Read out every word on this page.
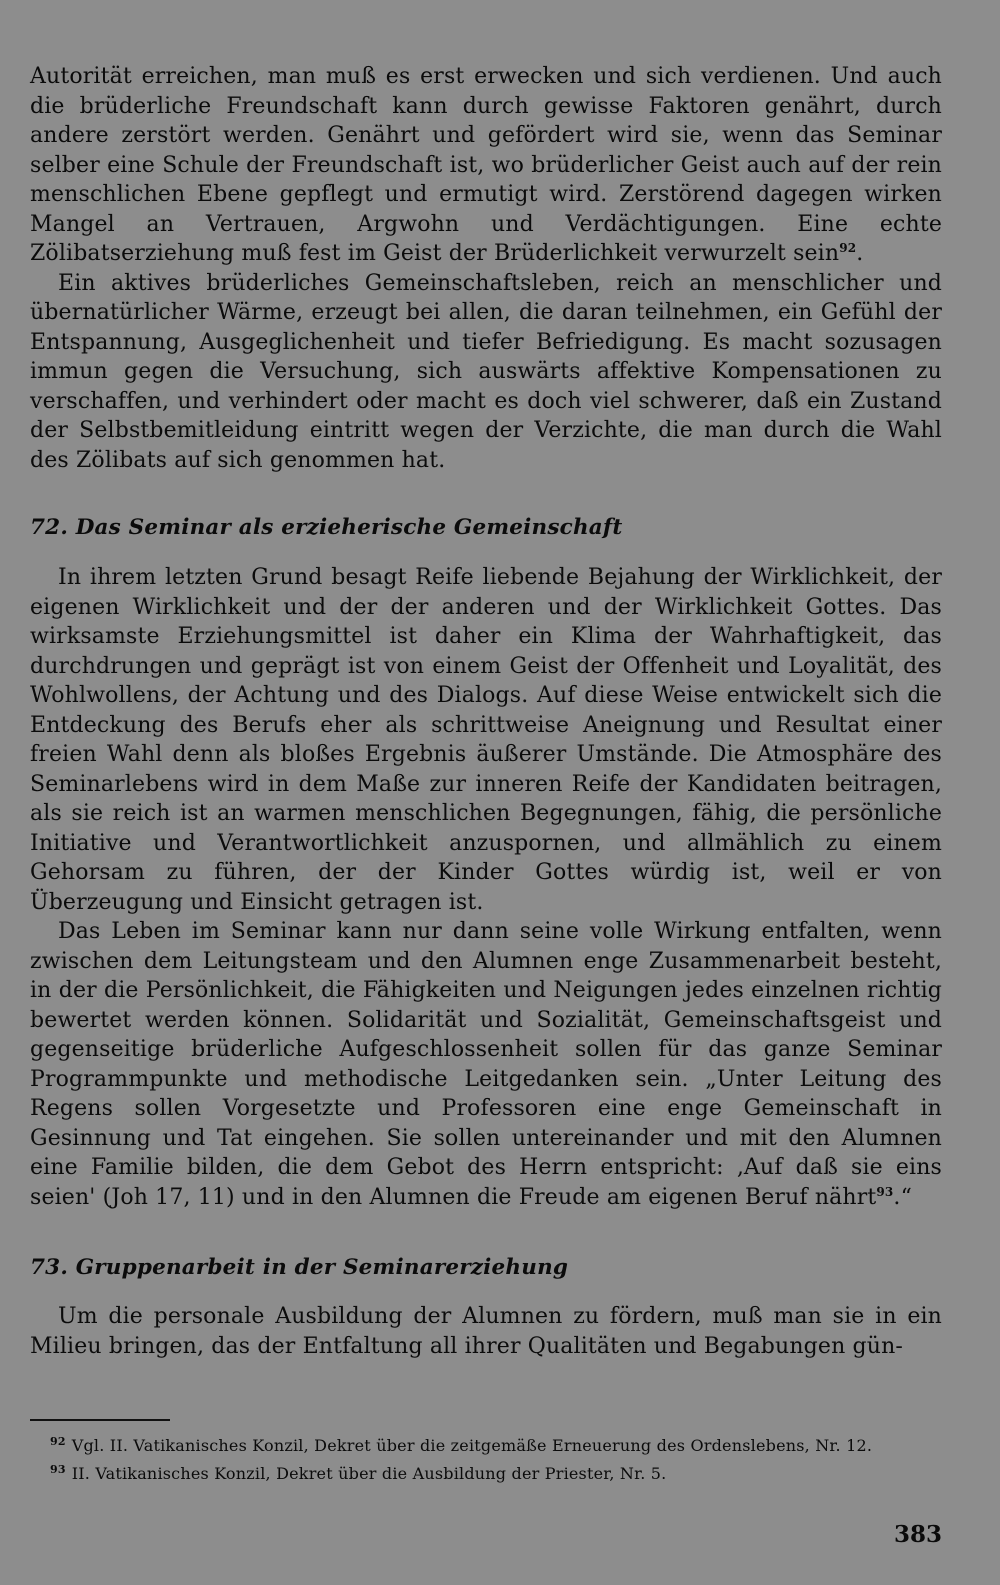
Autorität erreichen, man muß es erst erwecken und sich verdienen. Und auch die brüderliche Freundschaft kann durch gewisse Faktoren genährt, durch andere zerstört werden. Genährt und gefördert wird sie, wenn das Seminar selber eine Schule der Freundschaft ist, wo brüderlicher Geist auch auf der rein menschlichen Ebene gepflegt und ermutigt wird. Zerstörend dagegen wirken Mangel an Vertrauen, Argwohn und Verdächtigungen. Eine echte Zölibatserziehung muß fest im Geist der Brüderlichkeit verwurzelt sein$^{92}$.

Ein aktives brüderliches Gemeinschaftsleben, reich an menschlicher und übernatürlicher Wärme, erzeugt bei allen, die daran teilnehmen, ein Gefühl der Entspannung, Ausgeglichenheit und tiefer Befriedigung. Es macht sozusagen immun gegen die Versuchung, sich auswärts affektive Kompensationen zu verschaffen, und verhindert oder macht es doch viel schwerer, daß ein Zustand der Selbstbemitleidung eintritt wegen der Verzichte, die man durch die Wahl des Zölibats auf sich genommen hat.

72. Das Seminar als erzieherische Gemeinschaft

In ihrem letzten Grund besagt Reife liebende Bejahung der Wirklichkeit, der eigenen Wirklichkeit und der der anderen und der Wirklichkeit Gottes. Das wirksamste Erziehungsmittel ist daher ein Klima der Wahrhaftigkeit, das durchdrungen und geprägt ist von einem Geist der Offenheit und Loyalität, des Wohlwollens, der Achtung und des Dialogs. Auf diese Weise entwickelt sich die Entdeckung des Berufs eher als schrittweise Aneignung und Resultat einer freien Wahl denn als bloßes Ergebnis äußerer Umstände. Die Atmosphäre des Seminarlebens wird in dem Maße zur inneren Reife der Kandidaten beitragen, als sie reich ist an warmen menschlichen Begegnungen, fähig, die persönliche Initiative und Verantwortlichkeit anzuspornen, und allmählich zu einem Gehorsam zu führen, der der Kinder Gottes würdig ist, weil er von Überzeugung und Einsicht getragen ist.

Das Leben im Seminar kann nur dann seine volle Wirkung entfalten, wenn zwischen dem Leitungsteam und den Alumnen enge Zusammenarbeit besteht, in der die Persönlichkeit, die Fähigkeiten und Neigungen jedes einzelnen richtig bewertet werden können. Solidarität und Sozialität, Gemeinschaftsgeist und gegenseitige brüderliche Aufgeschlossenheit sollen für das ganze Seminar Programmpunkte und methodische Leitgedanken sein. „Unter Leitung des Regens sollen Vorgesetzte und Professoren eine enge Gemeinschaft in Gesinnung und Tat eingehen. Sie sollen untereinander und mit den Alumnen eine Familie bilden, die dem Gebot des Herrn entspricht: ‚Auf daß sie eins seien' (Joh 17, 11) und in den Alumnen die Freude am eigenen Beruf nährt$^{93}$.“

73. Gruppenarbeit in der Seminarerziehung

Um die personale Ausbildung der Alumnen zu fördern, muß man sie in ein Milieu bringen, das der Entfaltung all ihrer Qualitäten und Begabungen gün-

$^{92}$ Vgl. II. Vatikanisches Konzil, Dekret über die zeitgemäße Erneuerung des Ordenslebens, Nr. 12.

$^{93}$ II. Vatikanisches Konzil, Dekret über die Ausbildung der Priester, Nr. 5.

383
